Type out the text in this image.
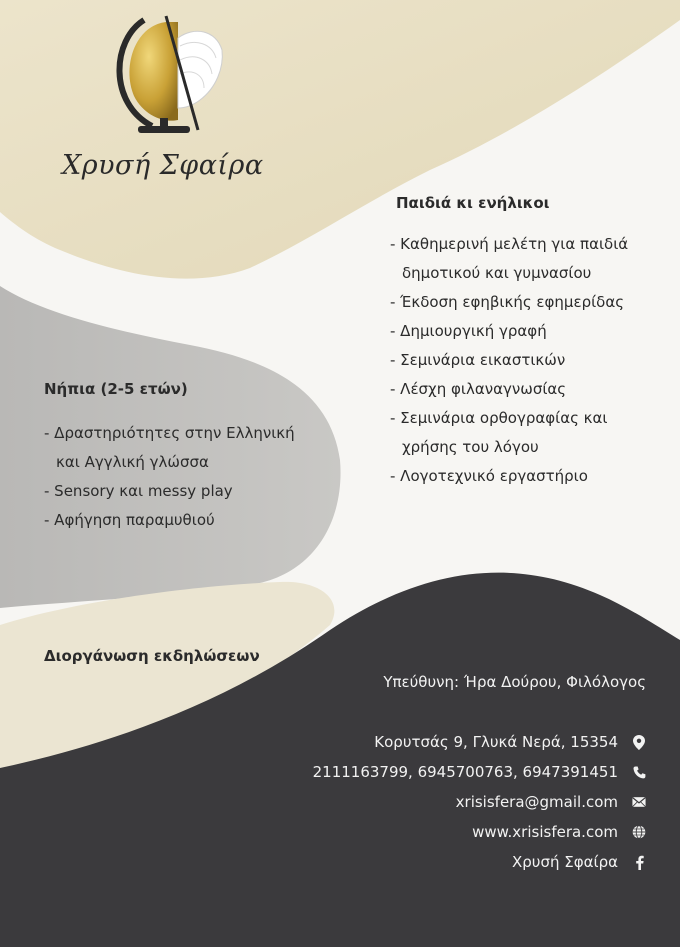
Χρυσή Σφαίρα
Παιδιά κι ενήλικοι
- Καθημερινή μελέτη για παιδιά
δημοτικού και γυμνασίου
- Έκδοση εφηβικής εφημερίδας
- Δημιουργική γραφή
- Σεμινάρια εικαστικών
- Λέσχη φιλαναγνωσίας
- Σεμινάρια ορθογραφίας και
χρήσης του λόγου
- Λογοτεχνικό εργαστήριο
Νήπια (2-5 ετών)
- Δραστηριότητες στην Ελληνική
και Αγγλική γλώσσα
- Sensory και messy play
- Αφήγηση παραμυθιού
Διοργάνωση εκδηλώσεων
Υπεύθυνη: Ήρα Δούρου, Φιλόλογος
Κορυτσάς 9, Γλυκά Νερά, 15354
2111163799, 6945700763, 6947391451
xrisisfera@gmail.com
www.xrisisfera.com
Χρυσή Σφαίρα
